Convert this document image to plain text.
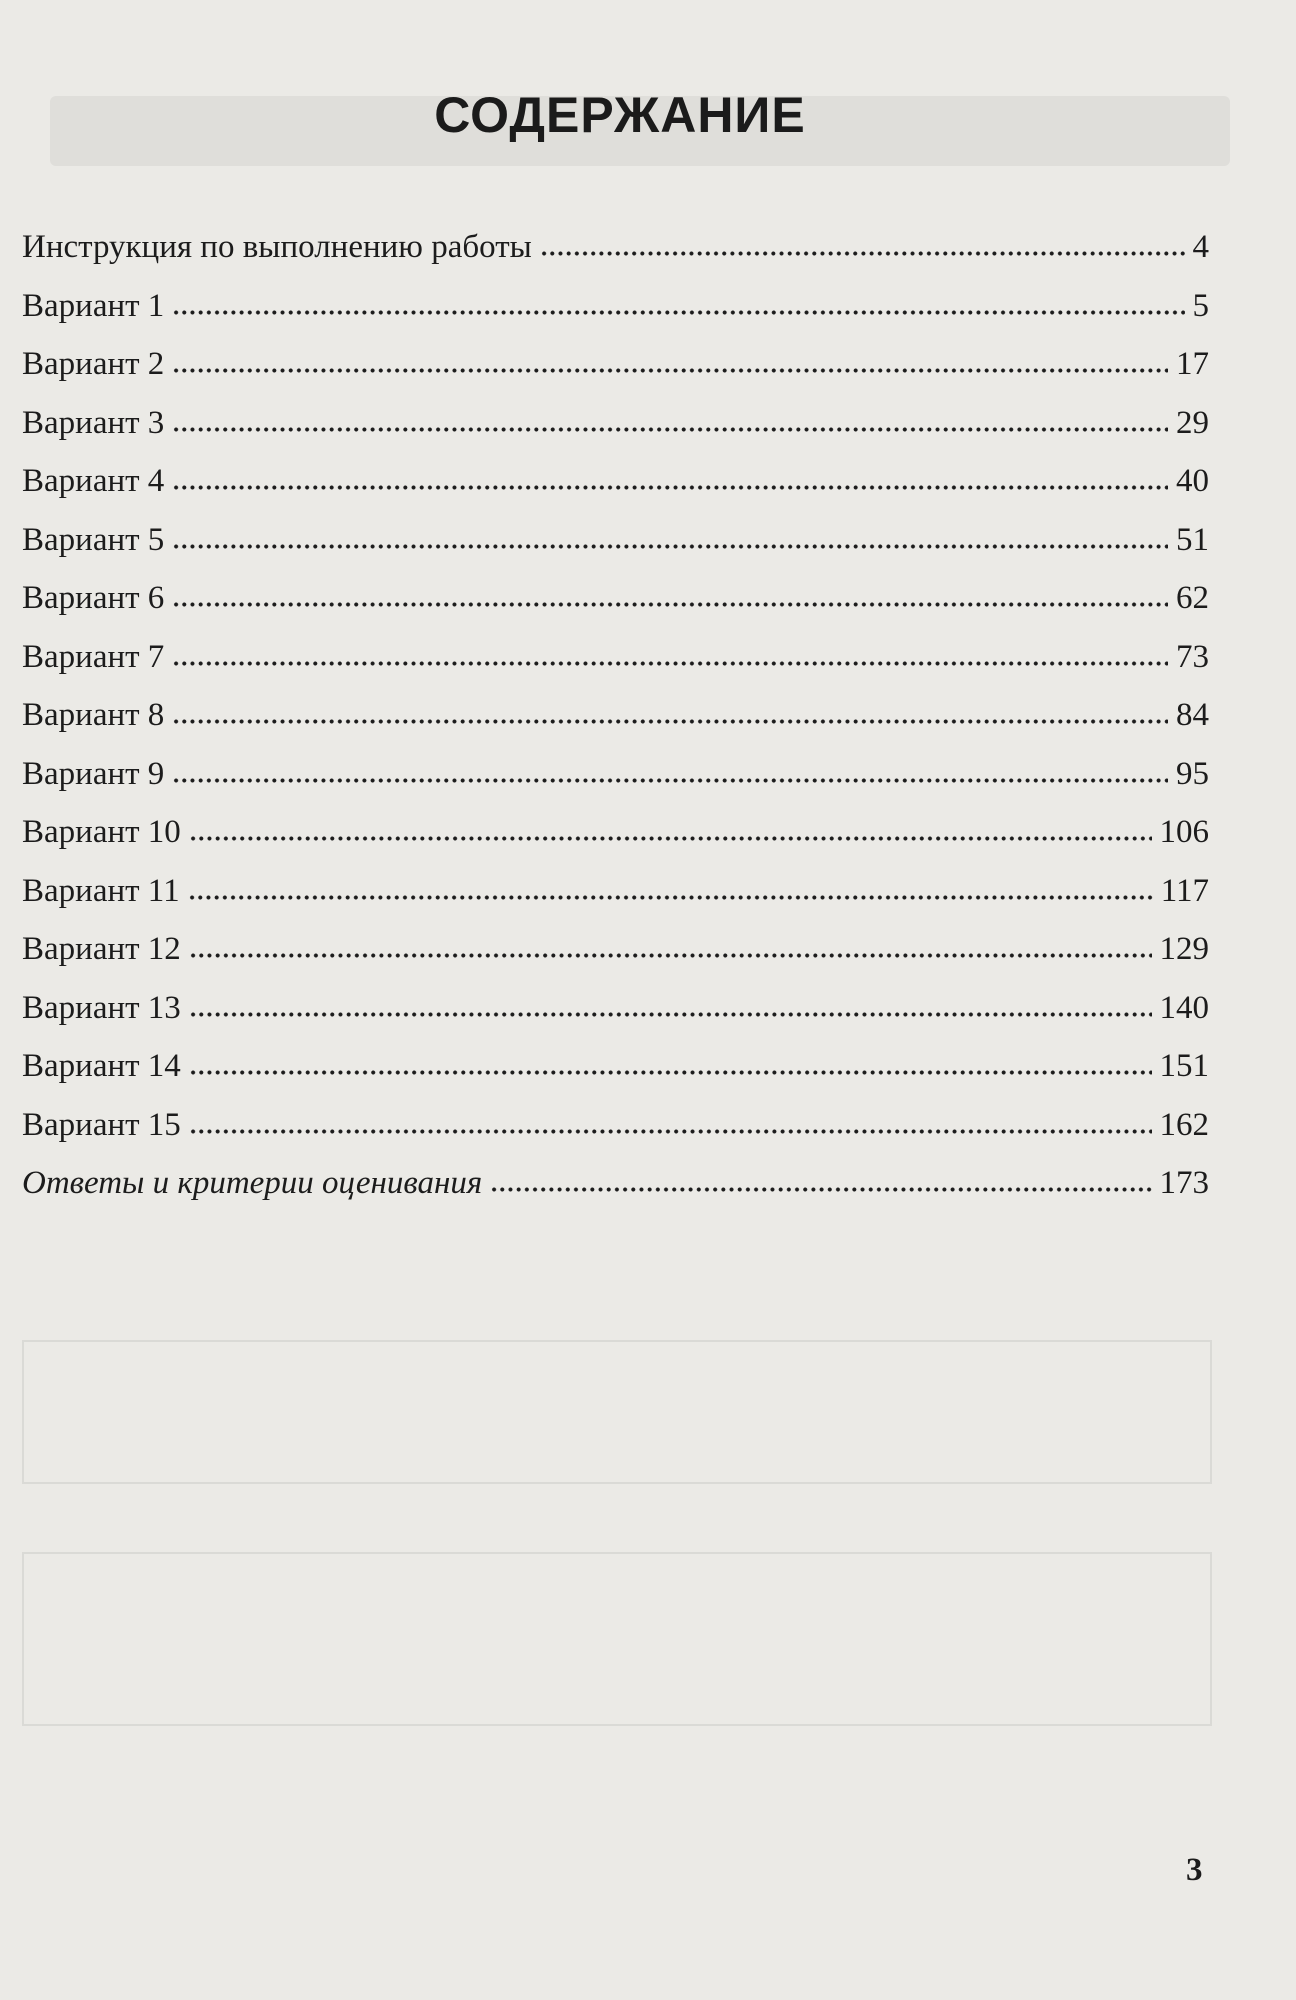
СОДЕРЖАНИЕ
Инструкция по выполнению работы	4
Вариант 1	5
Вариант 2	17
Вариант 3	29
Вариант 4	40
Вариант 5	51
Вариант 6	62
Вариант 7	73
Вариант 8	84
Вариант 9	95
Вариант 10	106
Вариант 11	117
Вариант 12	129
Вариант 13	140
Вариант 14	151
Вариант 15	162
Ответы и критерии оценивания	173
3
